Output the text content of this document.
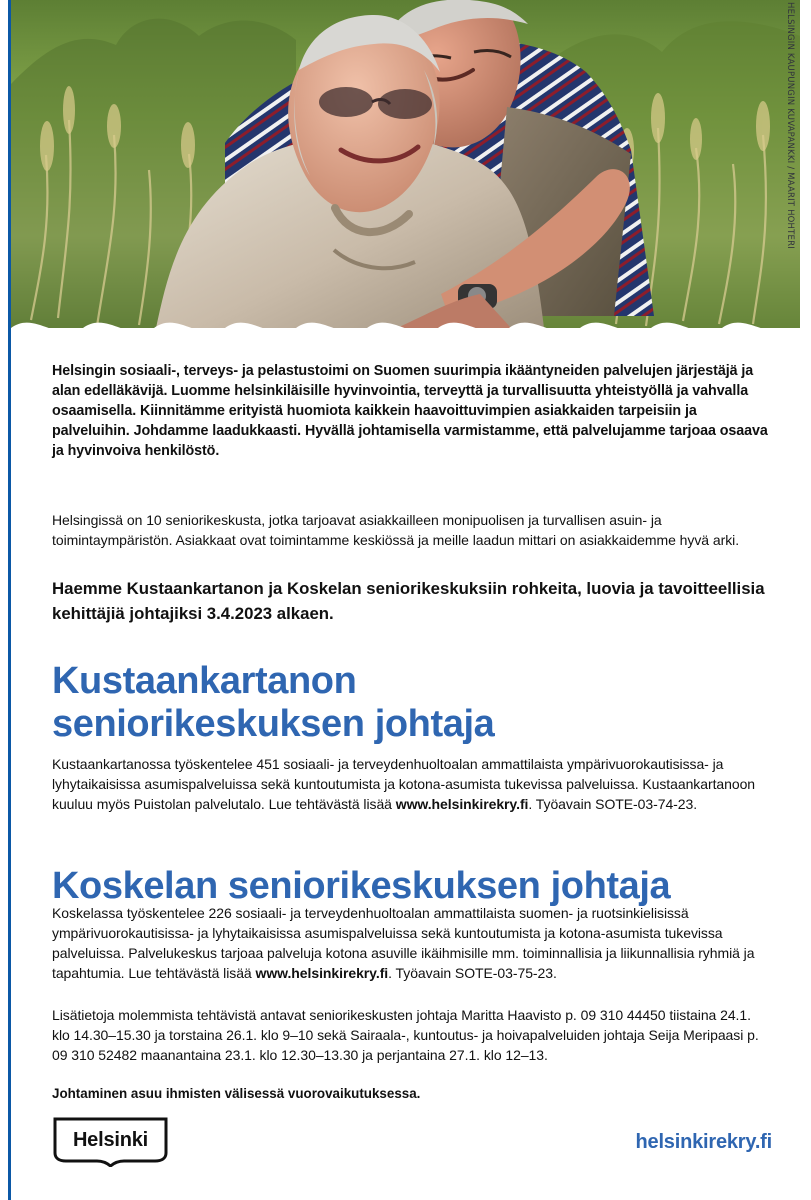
HELSINGIN KAUPUNGIN KUVAPANKKI / MAARIT HOHTERI

Helsingin sosiaali-, terveys- ja pelastustoimi on Suomen suurimpia ikääntyneiden palvelujen järjestäjä ja alan edelläkävijä. Luomme helsinkiläisille hyvinvointia, terveyttä ja turvallisuutta yhteistyöllä ja vahvalla osaamisella. Kiinnitämme erityistä huomiota kaikkein haavoittuvimpien asiakkaiden tarpeisiin ja palveluihin. Johdamme laadukkaasti. Hyvällä johtamisella varmistamme, että palvelujamme tarjoaa osaava ja hyvinvoiva henkilöstö.

Helsingissä on 10 seniorikeskusta, jotka tarjoavat asiakkailleen monipuolisen ja turvallisen asuin- ja toimintaympäristön. Asiakkaat ovat toimintamme keskiössä ja meille laadun mittari on asiakkaidemme hyvä arki.

Haemme Kustaankartanon ja Koskelan seniorikeskuksiin rohkeita, luovia ja tavoitteellisia kehittäjiä johtajiksi 3.4.2023 alkaen.

Kustaankartanon
seniorikeskuksen johtaja

Kustaankartanossa työskentelee 451 sosiaali- ja terveydenhuoltoalan ammattilaista ympärivuorokautisissa- ja lyhytaikaisissa asumispalveluissa sekä kuntoutumista ja kotona-asumista tukevissa palveluissa. Kustaankartanoon kuuluu myös Puistolan palvelutalo. Lue tehtävästä lisää www.helsinkirekry.fi. Työavain SOTE-03-74-23.

Koskelan seniorikeskuksen johtaja

Koskelassa työskentelee 226 sosiaali- ja terveydenhuoltoalan ammattilaista suomen- ja ruotsinkielisissä ympärivuorokautisissa- ja lyhytaikaisissa asumispalveluissa sekä kuntoutumista ja kotona-asumista tukevissa palveluissa. Palvelukeskus tarjoaa palveluja kotona asuville ikäihmisille mm. toiminnallisia ja liikunnallisia ryhmiä ja tapahtumia. Lue tehtävästä lisää www.helsinkirekry.fi. Työavain SOTE-03-75-23.

Lisätietoja molemmista tehtävistä antavat seniorikeskusten johtaja Maritta Haavisto p. 09 310 44450 tiistaina 24.1. klo 14.30–15.30 ja torstaina 26.1. klo 9–10 sekä Sairaala-, kuntoutus- ja hoivapalveluiden johtaja Seija Meripaasi p. 09 310 52482 maanantaina 23.1. klo 12.30–13.30 ja perjantaina 27.1. klo 12–13.

Johtaminen asuu ihmisten välisessä vuorovaikutuksessa.

Helsinki	helsinkirekry.fi
